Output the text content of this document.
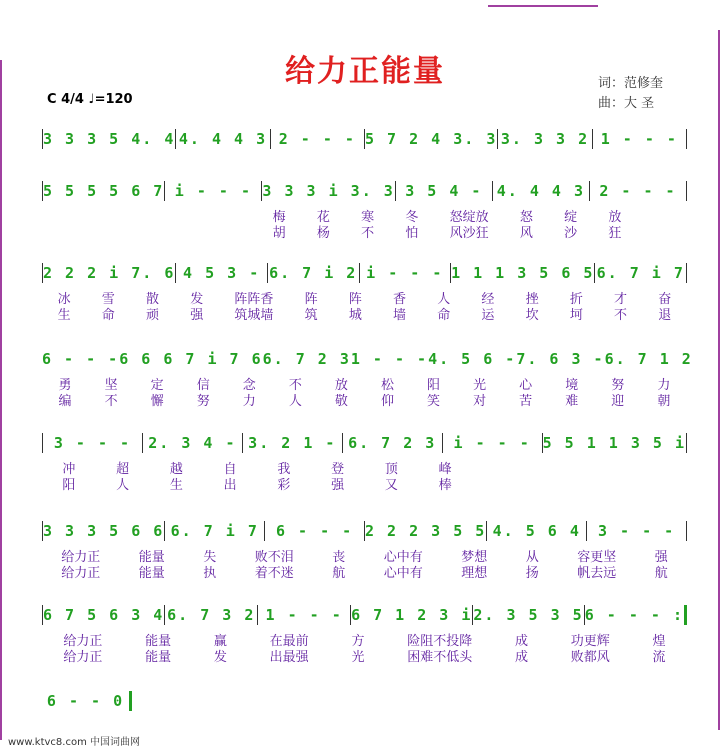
给力正能量	词：范修奎
曲：大 圣
C 4/4 ♩=120
3 3 3 5 4. 4 4. 4 4 3 2 - - - 5 7 2 4 3. 3 3. 3 3 2 1 - - -
5 5 5 5 6 7 i - - - 3 3 3 i 3. 3 3 5 4 - 4. 4 4 3 2 - - -
梅 花 寒 冬 怒绽放 怒 绽 放
胡 杨 不 怕 风沙狂 风 沙 狂
2 2 2 i 7. 6 4 5 3 - 6. 7 i 2 i - - - 1 1 1 3 5 6 5 6. 7 i 7
冰 雪 散 发 阵阵香 阵 阵 香 人 经 挫 折 才 奋
生 命 顽 强 筑城墙 筑 城 墙 命 运 坎 坷 不 退
6 - - - 6 6 6 7 i 7 6 6. 7 2 3 1 - - - 4. 5 6 - 7. 6 3 - 6. 7 1 2
勇	坚	定	信	念	不	放	松	阳	光	心	境	努	力
编	不	懈	努	力	人	敬	仰	笑	对	苦	难	迎	朝
3 - - -	2. 3 4 - 3. 2 1 - 6. 7 2 3	i - - - 5 5 1 1 3 5 i
冲	超	越	自	我	登	顶	峰
阳	人	生	出	彩	强	又	棒
3 3 3 5 6 6 6. 7 i 7	6 - - - 2 2 2 3 5 5 4. 5 6 4	3 - - -
给力正	能量	失	败不泪	丧	心中有	梦想	从	容更坚	强
给力正	能量	执	着不迷	航	心中有	理想	扬	帆去远	航
6 7 5 6 3 4 6. 7 3 2 1 - - - 6 7 1 2 3 i 2. 3 5 3 5 6 - - - :
给力正	能量	赢	在最前	方	险阻不投降	成	功更辉	煌
给力正	能量	发	出最强	光	困难不低头	成	败都风	流
6 - - 0
www.ktvc8.com 中国词曲网
